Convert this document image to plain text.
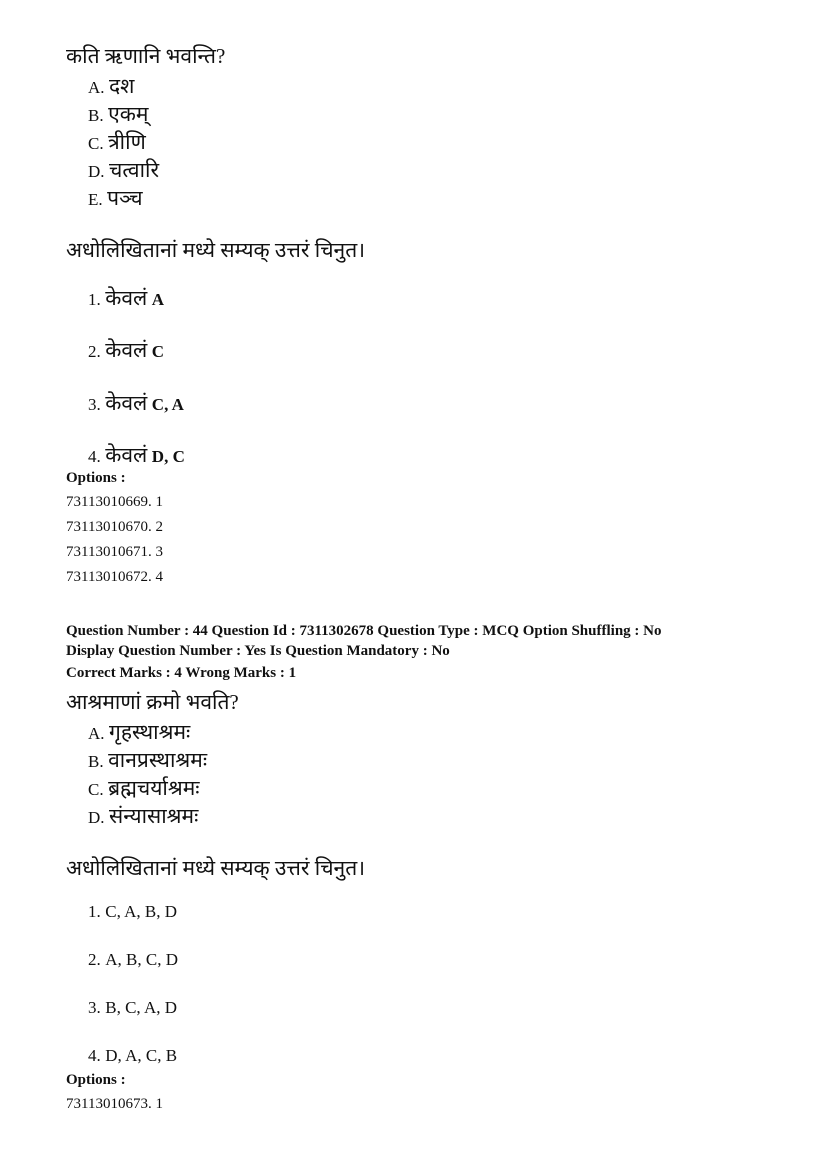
कति ऋणानि भवन्ति?
A. दश
B. एकम्
C. त्रीणि
D. चत्वारि
E. पञ्च
अधोलिखितानां मध्ये सम्यक् उत्तरं चिनुत।
1. केवलं A
2. केवलं C
3. केवलं C, A
4. केवलं D, C
Options :
73113010669. 1
73113010670. 2
73113010671. 3
73113010672. 4
Question Number : 44 Question Id : 7311302678 Question Type : MCQ Option Shuffling : No
Display Question Number : Yes Is Question Mandatory : No
Correct Marks : 4 Wrong Marks : 1
आश्रमाणां क्रमो भवति?
A. गृहस्थाश्रमः
B. वानप्रस्थाश्रमः
C. ब्रह्मचर्याश्रमः
D. संन्यासाश्रमः
अधोलिखितानां मध्ये सम्यक् उत्तरं चिनुत।
1. C, A, B, D
2. A, B, C, D
3. B, C, A, D
4. D, A, C, B
Options :
73113010673. 1
